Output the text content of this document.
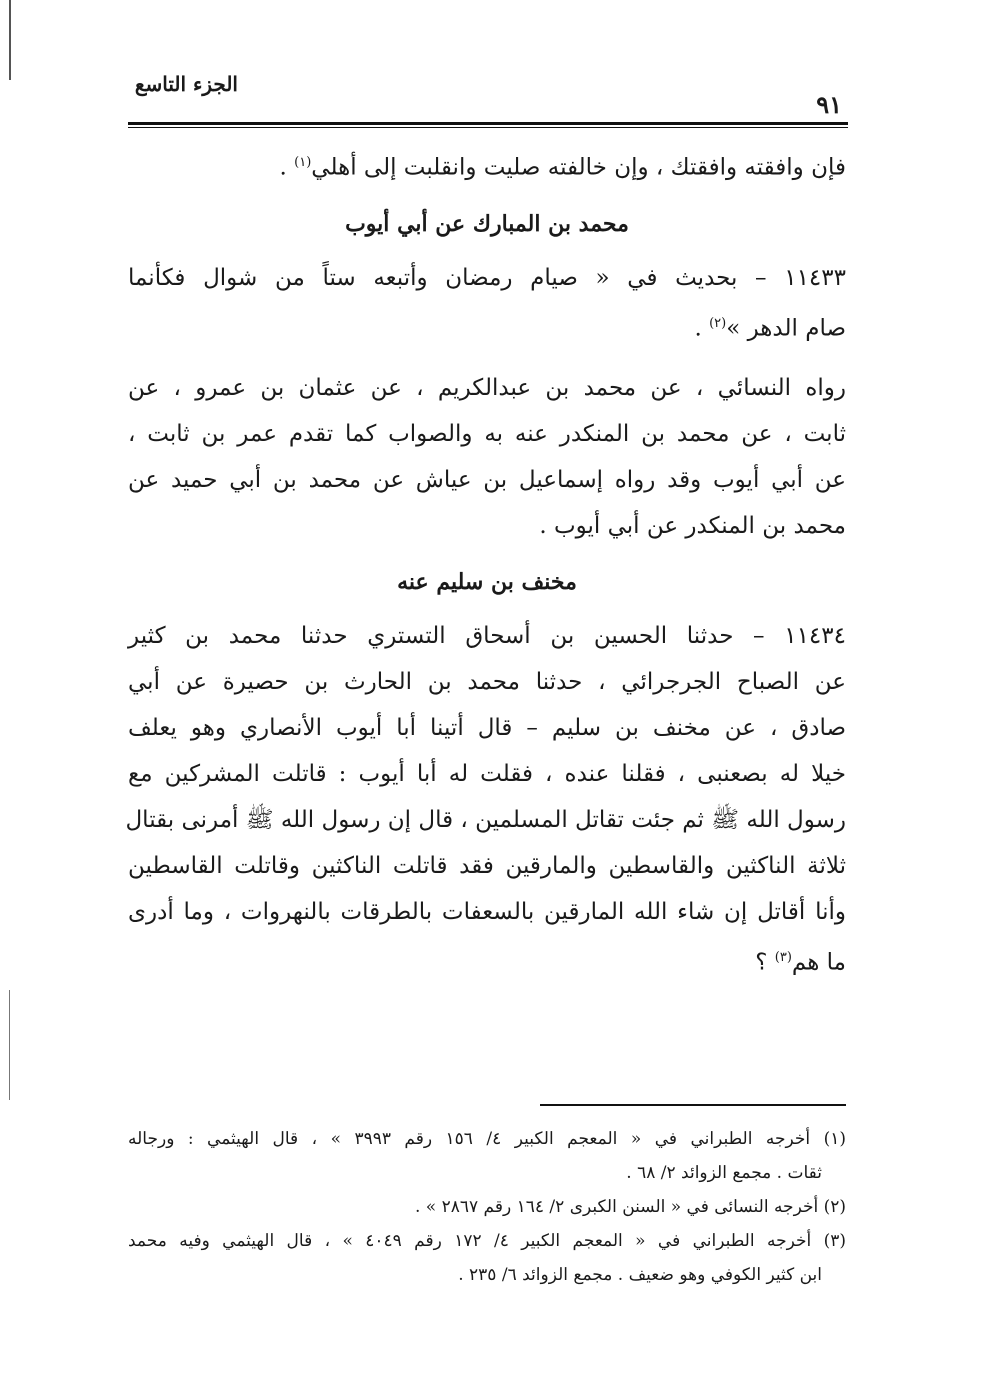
٩١
الجزء التاسع
فإن وافقته وافقتك ، وإن خالفته صليت وانقلبت إلى أهلي$^{(١)}$ .
محمد بن المبارك عن أبي أيوب
١١٤٣٣ – بحديث في « صيام رمضان وأتبعه ستاً من شوال فكأنما
صام الدهر »$^{(٢)}$ .
رواه النسائي ، عن محمد بن عبدالكريم ، عن عثمان بن عمرو ، عن
ثابت ، عن محمد بن المنكدر عنه به والصواب كما تقدم عمر بن ثابت ،
عن أبي أيوب وقد رواه إسماعيل بن عياش عن محمد بن أبي حميد عن
محمد بن المنكدر عن أبي أيوب .
مخنف بن سليم عنه
١١٤٣٤ – حدثنا الحسين بن أسحاق التستري حدثنا محمد بن كثير
عن الصباح الجرجرائي ، حدثنا محمد بن الحارث بن حصيرة عن أبي
صادق ، عن مخنف بن سليم – قال أتينا أبا أيوب الأنصاري وهو يعلف
خيلا له بصعنبى ، فقلنا عنده ، فقلت له أبا أيوب : قاتلت المشركين مع
رسول الله ﷺ ثم جئت تقاتل المسلمين ، قال إن رسول الله ﷺ أمرنى بقتال
ثلاثة الناكثين والقاسطين والمارقين فقد قاتلت الناكثين وقاتلت القاسطين
وأنا أقاتل إن شاء الله المارقين بالسعفات بالطرقات بالنهروات ، وما أدرى
ما هم$^{(٣)}$ ؟
(١) أخرجه الطبراني في « المعجم الكبير ٤/ ١٥٦ رقم ٣٩٩٣ » ، قال الهيثمي : ورجاله
ثقات . مجمع الزوائد ٢/ ٦٨ .
(٢) أخرجه النسائى في « السنن الكبرى ٢/ ١٦٤ رقم ٢٨٦٧ » .
(٣) أخرجه الطبراني في « المعجم الكبير ٤/ ١٧٢ رقم ٤٠٤٩ » ، قال الهيثمي وفيه محمد
ابن كثير الكوفي وهو ضعيف . مجمع الزوائد ٦/ ٢٣٥ .
